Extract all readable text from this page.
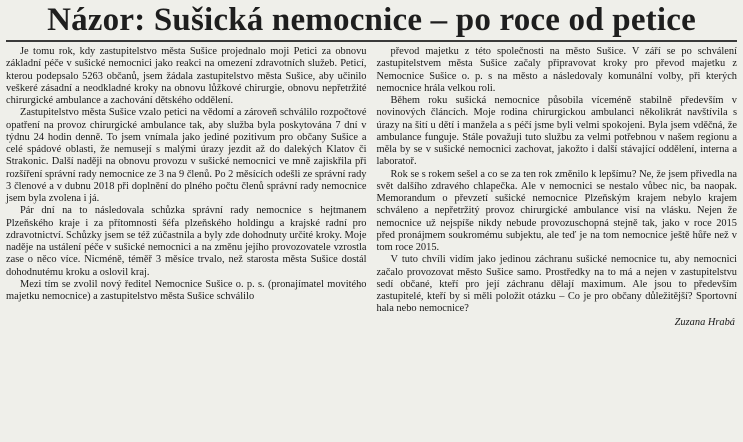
Názor: Sušická nemocnice – po roce od petice

Je tomu rok, kdy zastupitelstvo města Sušice projednalo moji Petici za obnovu základní péče v sušické nemocnici jako reakci na omezení zdravotních služeb. Peticí, kterou podepsalo 5263 občanů, jsem žádala zastupitelstvo města Sušice, aby učinilo veškeré zásadní a neodkladné kroky na obnovu lůžkové chirurgie, obnovu nepřetržité chirurgické ambulance a zachování dětského oddělení.

Zastupitelstvo města Sušice vzalo petici na vědomí a zároveň schválilo rozpočtové opatření na provoz chirurgické ambulance tak, aby služba byla poskytována 7 dní v týdnu 24 hodin denně. To jsem vnímala jako jediné pozitivum pro občany Sušice a celé spádové oblasti, že nemusejí s malými úrazy jezdit až do dalekých Klatov či Strakonic. Další naději na obnovu provozu v sušické nemocnici ve mně zajiskřila při rozšíření správní rady nemocnice ze 3 na 9 členů. Po 2 měsících odešli ze správní rady 3 členové a v dubnu 2018 při doplnění do plného počtu členů správní rady nemocnice jsem byla zvolena i já.

Pár dní na to následovala schůzka správní rady nemocnice s hejtmanem Plzeňského kraje i za přítomnosti šéfa plzeňského holdingu a krajské radní pro zdravotnictví. Schůzky jsem se též zúčastnila a byly zde dohodnuty určité kroky. Moje naděje na ustálení péče v sušické nemocnici a na změnu jejího provozovatele vzrostla zase o něco více. Nicméně, téměř 3 měsíce trvalo, než starosta města Sušice dostál dohodnutému kroku a oslovil kraj.

Mezi tím se zvolil nový ředitel Nemocnice Sušice o. p. s. (pronajímatel movitého majetku nemocnice) a zastupitelstvo města Sušice schválilo

převod majetku z této společnosti na město Sušice. V září se po schválení zastupitelstvem města Sušice začaly připravovat kroky pro převod majetku z Nemocnice Sušice o. p. s na město a následovaly komunální volby, při kterých nemocnice hrála velkou roli.

Během roku sušická nemocnice působila víceméně stabilně především v novinových článcích. Moje rodina chirurgickou ambulanci několikrát navštívila s úrazy na šití u dětí i manžela a s péčí jsme byli velmi spokojeni. Byla jsem vděčná, že ambulance funguje. Stále považuji tuto službu za velmi potřebnou v našem regionu a měla by se v sušické nemocnici zachovat, jakožto i další stávající oddělení, interna a laboratoř.

Rok se s rokem sešel a co se za ten rok změnilo k lepšímu? Ne, že jsem přivedla na svět dalšího zdravého chlapečka. Ale v nemocnici se nestalo vůbec nic, ba naopak. Memorandum o převzetí sušické nemocnice Plzeňským krajem nebylo krajem schváleno a nepřetržitý provoz chirurgické ambulance visí na vlásku. Nejen že nemocnice už nejspíše nikdy nebude provozuschopná stejně tak, jako v roce 2015 před pronájmem soukromému subjektu, ale teď je na tom nemocnice ještě hůře než v tom roce 2015.

V tuto chvíli vidím jako jedinou záchranu sušické nemocnice tu, aby nemocnici začalo provozovat město Sušice samo. Prostředky na to má a nejen v zastupitelstvu sedí občané, kteří pro její záchranu dělají maximum. Ale jsou to především zastupitelé, kteří by si měli položit otázku – Co je pro občany důležitější? Sportovní hala nebo nemocnice?

Zuzana Hrabá
